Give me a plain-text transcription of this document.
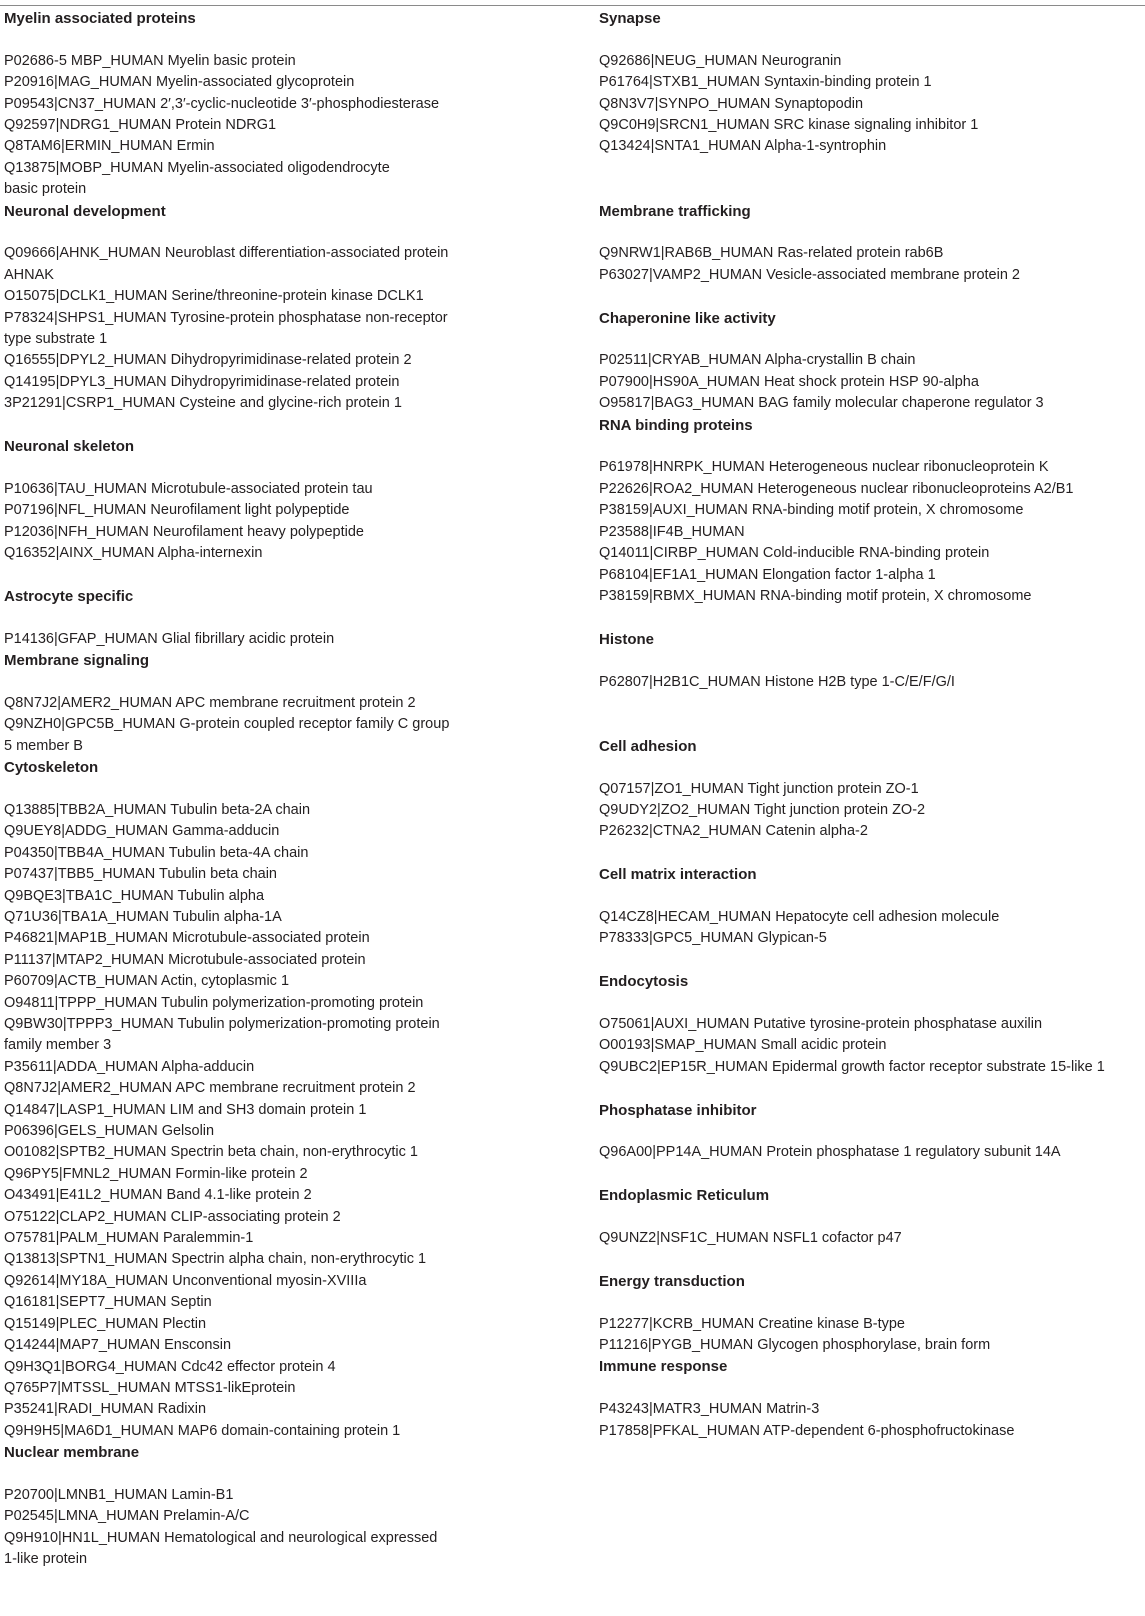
Myelin associated proteins
P02686-5 MBP_HUMAN Myelin basic protein
P20916|MAG_HUMAN Myelin-associated glycoprotein
P09543|CN37_HUMAN 2′,3′-cyclic-nucleotide 3′-phosphodiesterase
Q92597|NDRG1_HUMAN Protein NDRG1
Q8TAM6|ERMIN_HUMAN Ermin
Q13875|MOBP_HUMAN Myelin-associated oligodendrocyte
basic protein
Neuronal development
Q09666|AHNK_HUMAN Neuroblast differentiation-associated protein
AHNAK
O15075|DCLK1_HUMAN Serine/threonine-protein kinase DCLK1
P78324|SHPS1_HUMAN Tyrosine-protein phosphatase non-receptor
type substrate 1
Q16555|DPYL2_HUMAN Dihydropyrimidinase-related protein 2
Q14195|DPYL3_HUMAN Dihydropyrimidinase-related protein
3P21291|CSRP1_HUMAN Cysteine and glycine-rich protein 1

Neuronal skeleton
P10636|TAU_HUMAN Microtubule-associated protein tau
P07196|NFL_HUMAN Neurofilament light polypeptide
P12036|NFH_HUMAN Neurofilament heavy polypeptide
Q16352|AINX_HUMAN Alpha-internexin

Astrocyte specific
P14136|GFAP_HUMAN Glial fibrillary acidic protein
Membrane signaling
Q8N7J2|AMER2_HUMAN APC membrane recruitment protein 2
Q9NZH0|GPC5B_HUMAN G-protein coupled receptor family C group
5 member B
Cytoskeleton
Q13885|TBB2A_HUMAN Tubulin beta-2A chain
Q9UEY8|ADDG_HUMAN Gamma-adducin
P04350|TBB4A_HUMAN Tubulin beta-4A chain
P07437|TBB5_HUMAN Tubulin beta chain
Q9BQE3|TBA1C_HUMAN Tubulin alpha
Q71U36|TBA1A_HUMAN Tubulin alpha-1A
P46821|MAP1B_HUMAN Microtubule-associated protein
P11137|MTAP2_HUMAN Microtubule-associated protein
P60709|ACTB_HUMAN Actin, cytoplasmic 1
O94811|TPPP_HUMAN Tubulin polymerization-promoting protein
Q9BW30|TPPP3_HUMAN Tubulin polymerization-promoting protein
family member 3
P35611|ADDA_HUMAN Alpha-adducin
Q8N7J2|AMER2_HUMAN APC membrane recruitment protein 2
Q14847|LASP1_HUMAN LIM and SH3 domain protein 1
P06396|GELS_HUMAN Gelsolin
O01082|SPTB2_HUMAN Spectrin beta chain, non-erythrocytic 1
Q96PY5|FMNL2_HUMAN Formin-like protein 2
O43491|E41L2_HUMAN Band 4.1-like protein 2
O75122|CLAP2_HUMAN CLIP-associating protein 2
O75781|PALM_HUMAN Paralemmin-1
Q13813|SPTN1_HUMAN Spectrin alpha chain, non-erythrocytic 1
Q92614|MY18A_HUMAN Unconventional myosin-XVIIIa
Q16181|SEPT7_HUMAN Septin
Q15149|PLEC_HUMAN Plectin
Q14244|MAP7_HUMAN Ensconsin
Q9H3Q1|BORG4_HUMAN Cdc42 effector protein 4
Q765P7|MTSSL_HUMAN MTSS1-likEprotein
P35241|RADI_HUMAN Radixin
Q9H9H5|MA6D1_HUMAN MAP6 domain-containing protein 1
Nuclear membrane
P20700|LMNB1_HUMAN Lamin-B1
P02545|LMNA_HUMAN Prelamin-A/C
Q9H910|HN1L_HUMAN Hematological and neurological expressed
1-like protein
Synapse
Q92686|NEUG_HUMAN Neurogranin
P61764|STXB1_HUMAN Syntaxin-binding protein 1
Q8N3V7|SYNPO_HUMAN Synaptopodin
Q9C0H9|SRCN1_HUMAN SRC kinase signaling inhibitor 1
Q13424|SNTA1_HUMAN Alpha-1-syntrophin

Membrane trafficking
Q9NRW1|RAB6B_HUMAN Ras-related protein rab6B
P63027|VAMP2_HUMAN Vesicle-associated membrane protein 2

Chaperonine like activity
P02511|CRYAB_HUMAN Alpha-crystallin B chain
P07900|HS90A_HUMAN Heat shock protein HSP 90-alpha
O95817|BAG3_HUMAN BAG family molecular chaperone regulator 3
RNA binding proteins
P61978|HNRPK_HUMAN Heterogeneous nuclear ribonucleoprotein K
P22626|ROA2_HUMAN Heterogeneous nuclear ribonucleoproteins A2/B1
P38159|AUXI_HUMAN RNA-binding motif protein, X chromosome
P23588|IF4B_HUMAN
Q14011|CIRBP_HUMAN Cold-inducible RNA-binding protein
P68104|EF1A1_HUMAN Elongation factor 1-alpha 1
P38159|RBMX_HUMAN RNA-binding motif protein, X chromosome

Histone
P62807|H2B1C_HUMAN Histone H2B type 1-C/E/F/G/I

Cell adhesion
Q07157|ZO1_HUMAN Tight junction protein ZO-1
Q9UDY2|ZO2_HUMAN Tight junction protein ZO-2
P26232|CTNA2_HUMAN Catenin alpha-2

Cell matrix interaction
Q14CZ8|HECAM_HUMAN Hepatocyte cell adhesion molecule
P78333|GPC5_HUMAN Glypican-5

Endocytosis
O75061|AUXI_HUMAN Putative tyrosine-protein phosphatase auxilin
O00193|SMAP_HUMAN Small acidic protein
Q9UBC2|EP15R_HUMAN Epidermal growth factor receptor substrate 15-like 1

Phosphatase inhibitor
Q96A00|PP14A_HUMAN Protein phosphatase 1 regulatory subunit 14A

Endoplasmic Reticulum
Q9UNZ2|NSF1C_HUMAN NSFL1 cofactor p47

Energy transduction
P12277|KCRB_HUMAN Creatine kinase B-type
P11216|PYGB_HUMAN Glycogen phosphorylase, brain form
Immune response
P43243|MATR3_HUMAN Matrin-3
P17858|PFKAL_HUMAN ATP-dependent 6-phosphofructokinase
